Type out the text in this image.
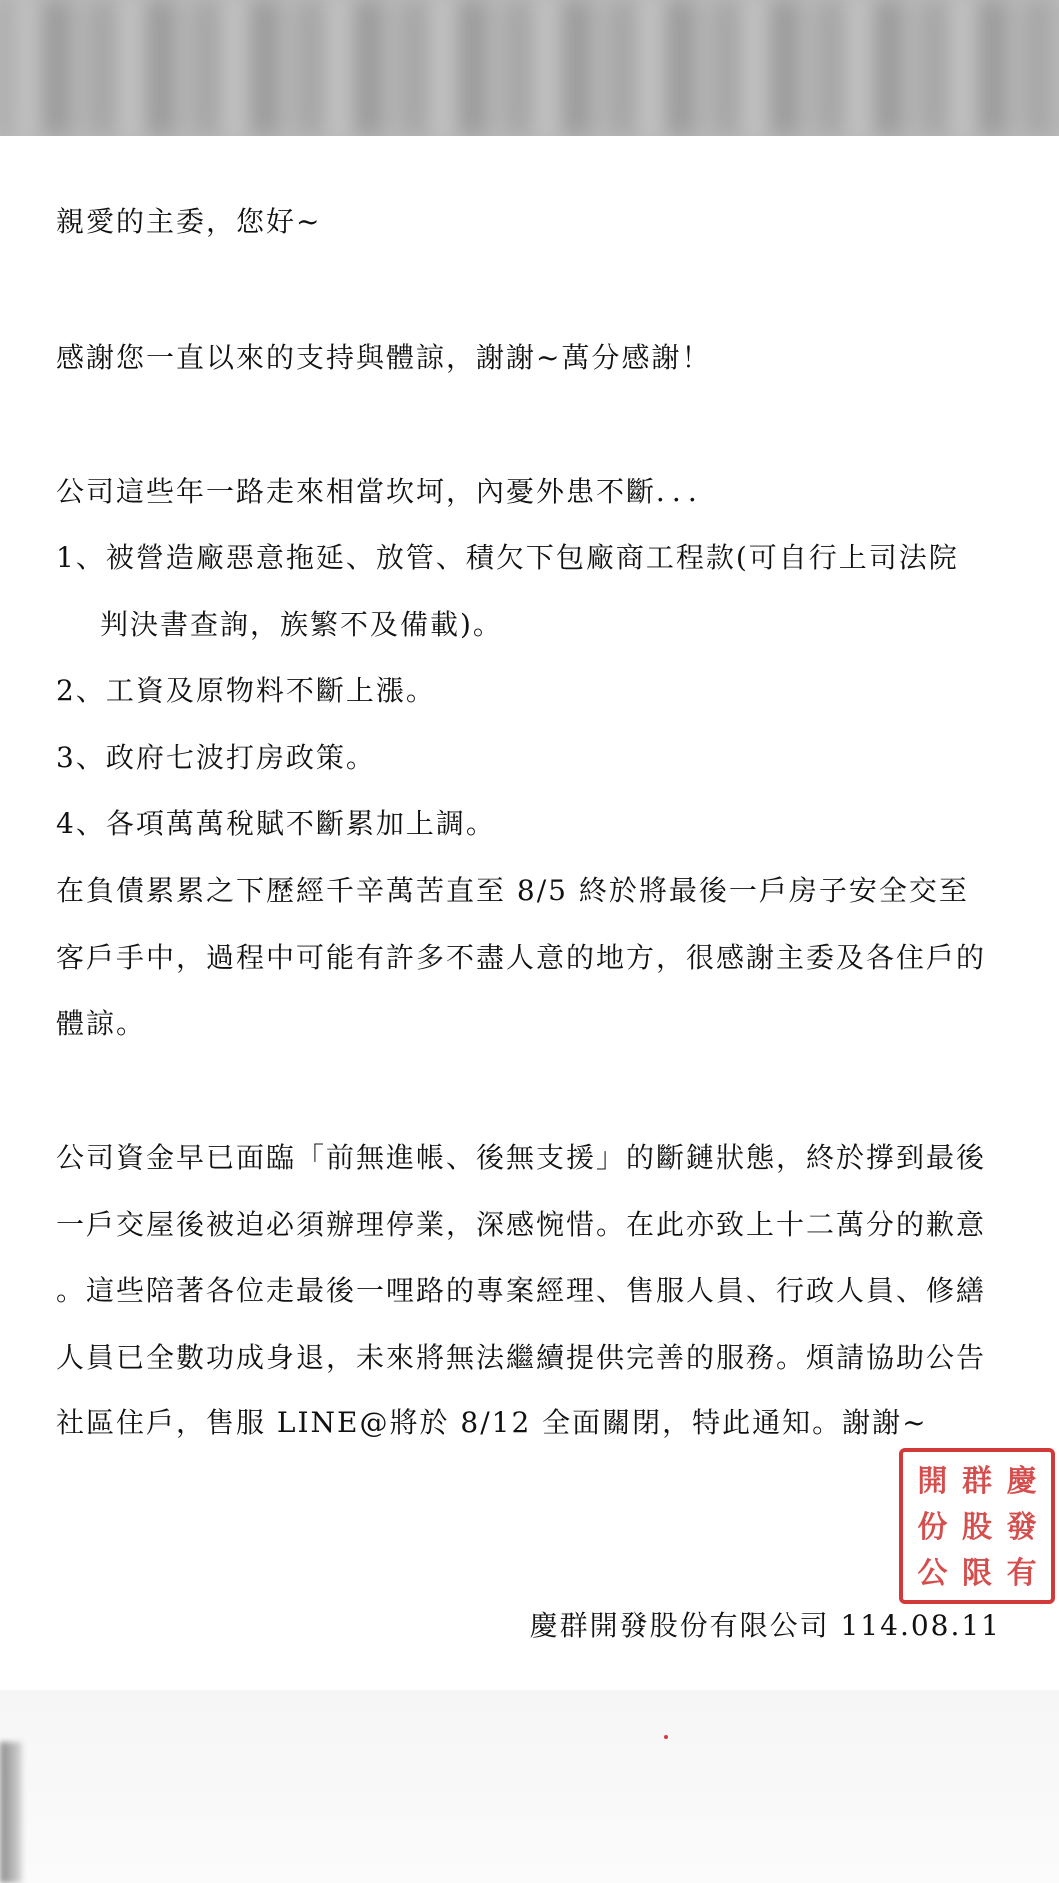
親愛的主委，您好~
感謝您一直以來的支持與體諒，謝謝~萬分感謝！
公司這些年一路走來相當坎坷，內憂外患不斷．．．
1、被營造廠惡意拖延、放管、積欠下包廠商工程款(可自行上司法院
判決書查詢，族繁不及備載)。
2、工資及原物料不斷上漲。
3、政府七波打房政策。
4、各項萬萬稅賦不斷累加上調。
在負債累累之下歷經千辛萬苦直至 8/5 終於將最後一戶房子安全交至
客戶手中，過程中可能有許多不盡人意的地方，很感謝主委及各住戶的
體諒。
公司資金早已面臨「前無進帳、後無支援」的斷鏈狀態，終於撐到最後
一戶交屋後被迫必須辦理停業，深感惋惜。在此亦致上十二萬分的歉意
。這些陪著各位走最後一哩路的專案經理、售服人員、行政人員、修繕
人員已全數功成身退，未來將無法繼續提供完善的服務。煩請協助公告
社區住戶，售服 LINE@將於 8/12 全面關閉，特此通知。謝謝~
開 群 慶
份 股 發
公 限 有
慶群開發股份有限公司 114.08.11
